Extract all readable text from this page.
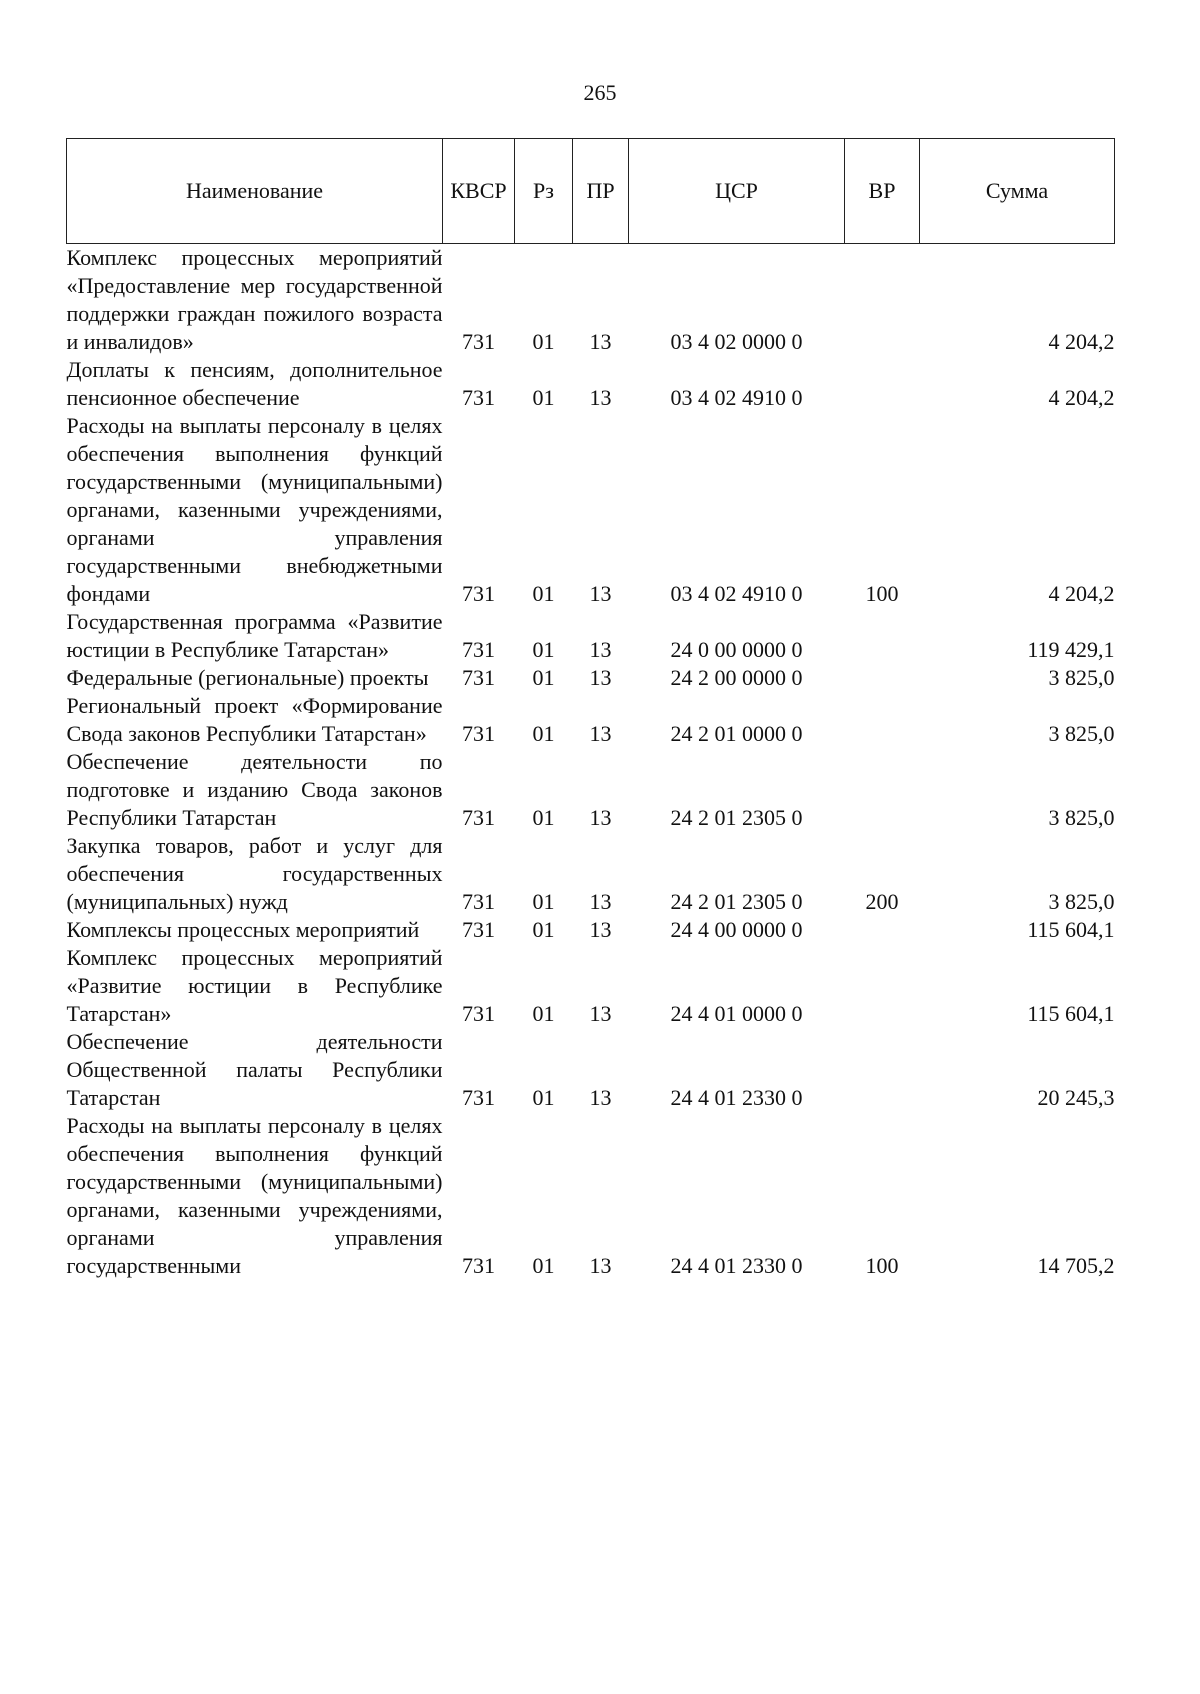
265
Наименование	КВСР	Рз	ПР	ЦСР	ВР	Сумма
Комплекс процессных мероприятий «Предоставление мер государственной поддержки граждан пожилого возраста и инвалидов»	731	01	13	03 4 02 0000 0		4 204,2
Доплаты к пенсиям, дополнительное пенсионное обеспечение	731	01	13	03 4 02 4910 0		4 204,2
Расходы на выплаты персоналу в целях обеспечения выполнения функций государственными (муниципальными) органами, казенными учреждениями, органами управления государственными внебюджетными фондами	731	01	13	03 4 02 4910 0	100	4 204,2
Государственная программа «Развитие юстиции в Республике Татарстан»	731	01	13	24 0 00 0000 0		119 429,1
Федеральные (региональные) проекты	731	01	13	24 2 00 0000 0		3 825,0
Региональный проект «Формирование Свода законов Республики Татарстан»	731	01	13	24 2 01 0000 0		3 825,0
Обеспечение деятельности по подготовке и изданию Свода законов Республики Татарстан	731	01	13	24 2 01 2305 0		3 825,0
Закупка товаров, работ и услуг для обеспечения государственных (муниципальных) нужд	731	01	13	24 2 01 2305 0	200	3 825,0
Комплексы процессных мероприятий	731	01	13	24 4 00 0000 0		115 604,1
Комплекс процессных мероприятий «Развитие юстиции в Республике Татарстан»	731	01	13	24 4 01 0000 0		115 604,1
Обеспечение деятельности Общественной палаты Республики Татарстан	731	01	13	24 4 01 2330 0		20 245,3
Расходы на выплаты персоналу в целях обеспечения выполнения функций государственными (муниципальными) органами, казенными учреждениями, органами управления государственными	731	01	13	24 4 01 2330 0	100	14 705,2
